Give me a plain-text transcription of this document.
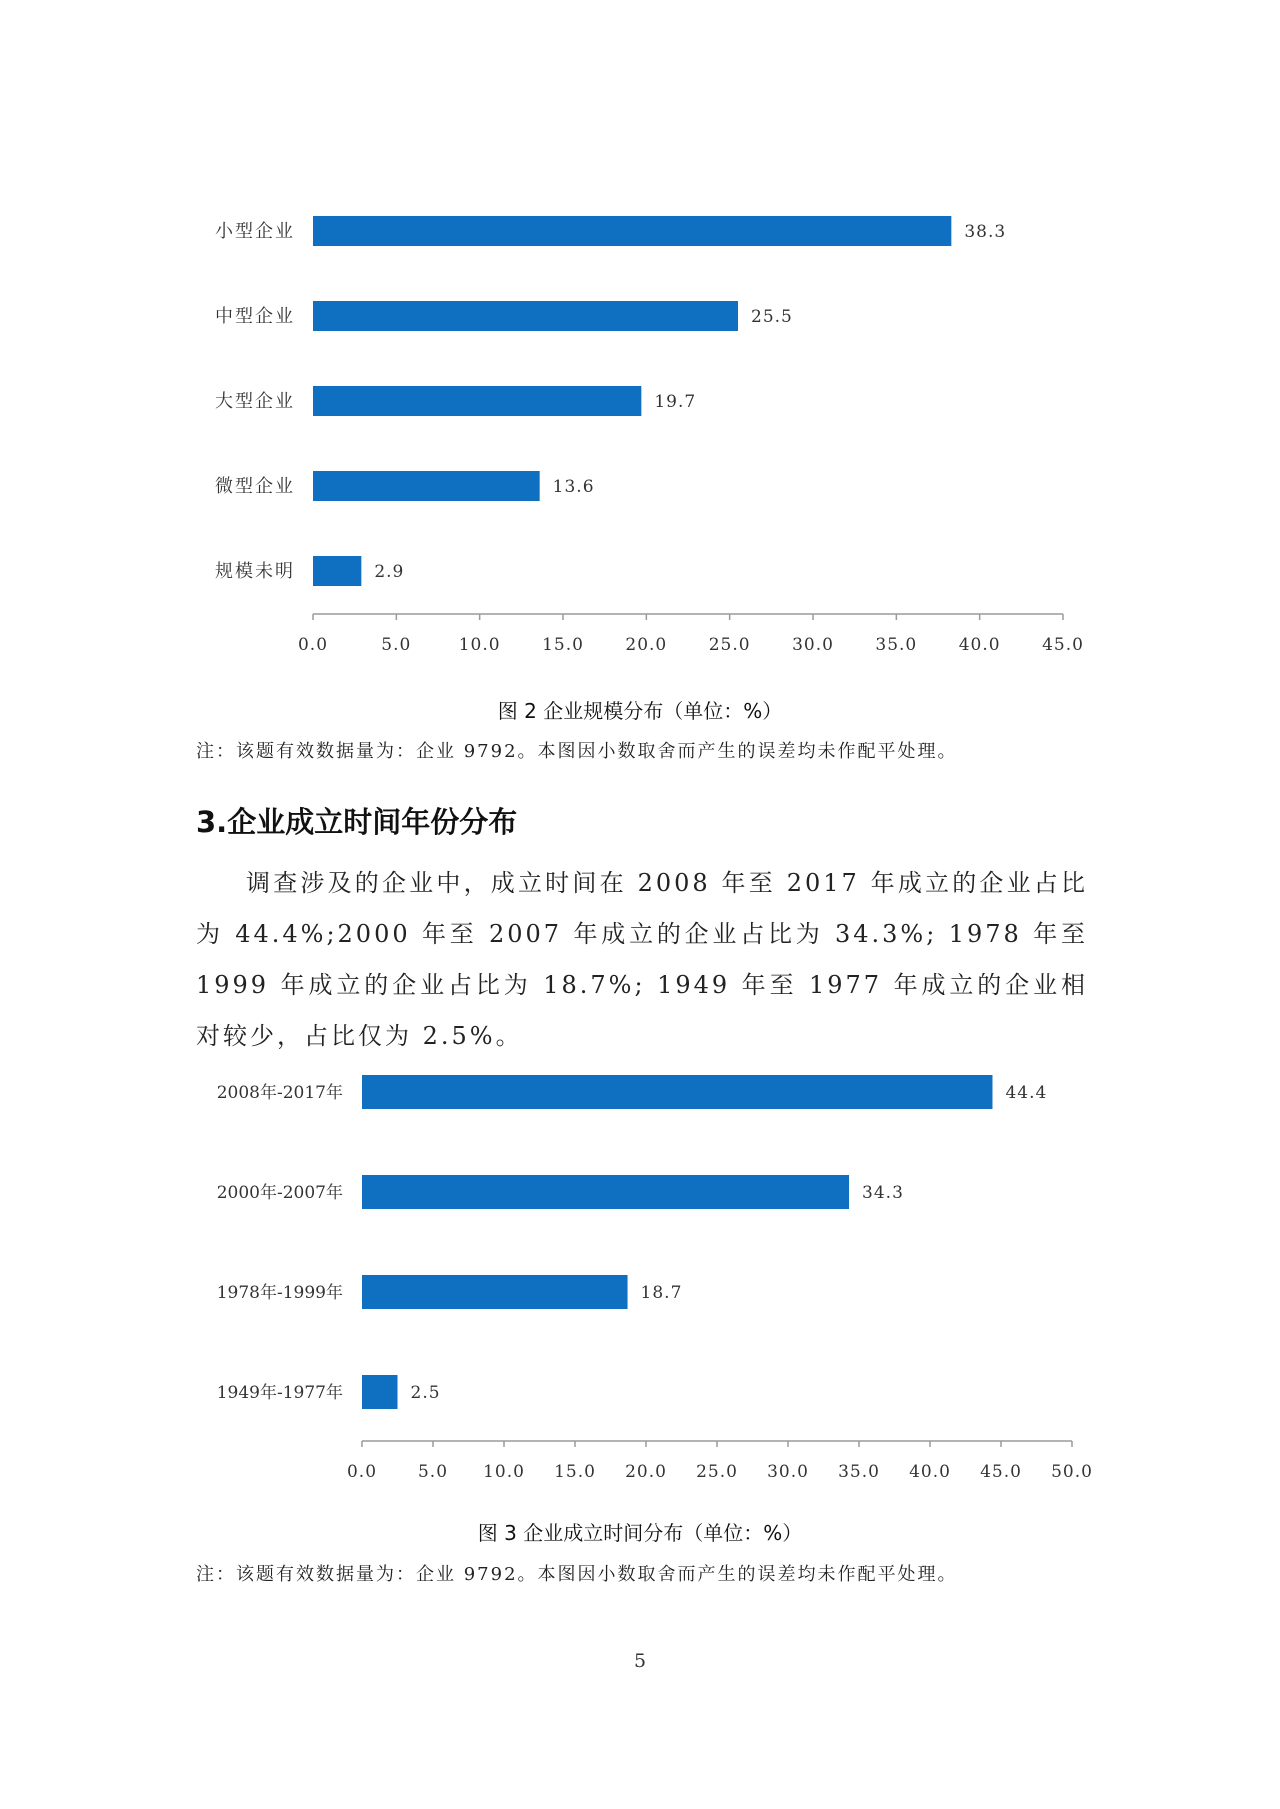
小型企业	38.3
中型企业	25.5
大型企业	19.7
微型企业	13.6
规模未明	2.9
0.0	5.0	10.0 15.0 20.0 25.0 30.0 35.0 40.0 45.0
图 2 企业规模分布（单位：%）
注：该题有效数据量为：企业 9792。本图因小数取舍而产生的误差均未作配平处理。
3.企业成立时间年份分布
调查涉及的企业中，成立时间在 2008 年至 2017 年成立的企业占比为 44.4%;2000 年至 2007 年成立的企业占比为 34.3%; 1978 年至 1999 年成立的企业占比为 18.7%; 1949 年至 1977 年成立的企业相对较少，占比仅为 2.5%。
2008年-2017年	44.4
2000年-2007年	34.3
1978年-1999年	18.7
1949年-1977年	2.5
0.0 5.0 10.0 15.0 20.0 25.0 30.0 35.0 40.0 45.0 50.0
图 3 企业成立时间分布（单位：%）
注：该题有效数据量为：企业 9792。本图因小数取舍而产生的误差均未作配平处理。
5
